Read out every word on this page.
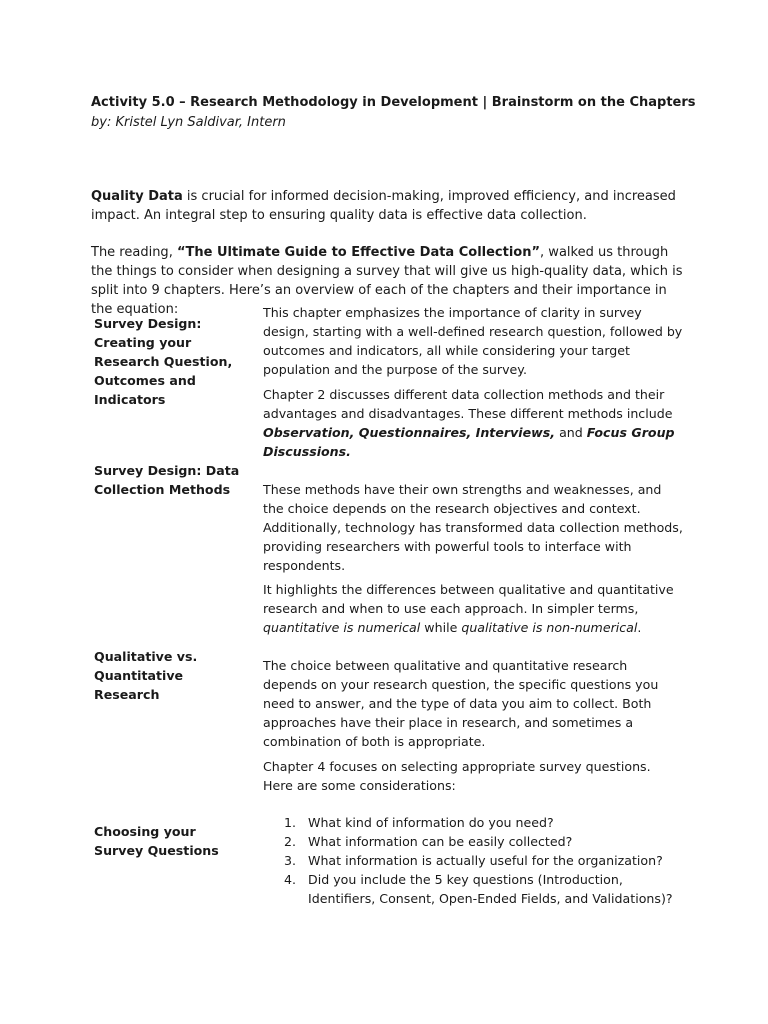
Activity 5.0 – Research Methodology in Development | Brainstorm on the Chapters
by: Kristel Lyn Saldivar, Intern

Quality Data is crucial for informed decision-making, improved efficiency, and increased impact. An integral step to ensuring quality data is effective data collection.

The reading, “The Ultimate Guide to Effective Data Collection”, walked us through the things to consider when designing a survey that will give us high-quality data, which is split into 9 chapters. Here’s an overview of each of the chapters and their importance in the equation:

Survey Design: Creating your Research Question, Outcomes and Indicators

This chapter emphasizes the importance of clarity in survey design, starting with a well-defined research question, followed by outcomes and indicators, all while considering your target population and the purpose of the survey.

Survey Design: Data Collection Methods

Chapter 2 discusses different data collection methods and their advantages and disadvantages. These different methods include Observation, Questionnaires, Interviews, and Focus Group Discussions.

These methods have their own strengths and weaknesses, and the choice depends on the research objectives and context. Additionally, technology has transformed data collection methods, providing researchers with powerful tools to interface with respondents.

Qualitative vs. Quantitative Research

It highlights the differences between qualitative and quantitative research and when to use each approach. In simpler terms, quantitative is numerical while qualitative is non-numerical.

The choice between qualitative and quantitative research depends on your research question, the specific questions you need to answer, and the type of data you aim to collect. Both approaches have their place in research, and sometimes a combination of both is appropriate.

Choosing your Survey Questions

Chapter 4 focuses on selecting appropriate survey questions. Here are some considerations:

1. What kind of information do you need?
2. What information can be easily collected?
3. What information is actually useful for the organization?
4. Did you include the 5 key questions (Introduction, Identifiers, Consent, Open-Ended Fields, and Validations)?
